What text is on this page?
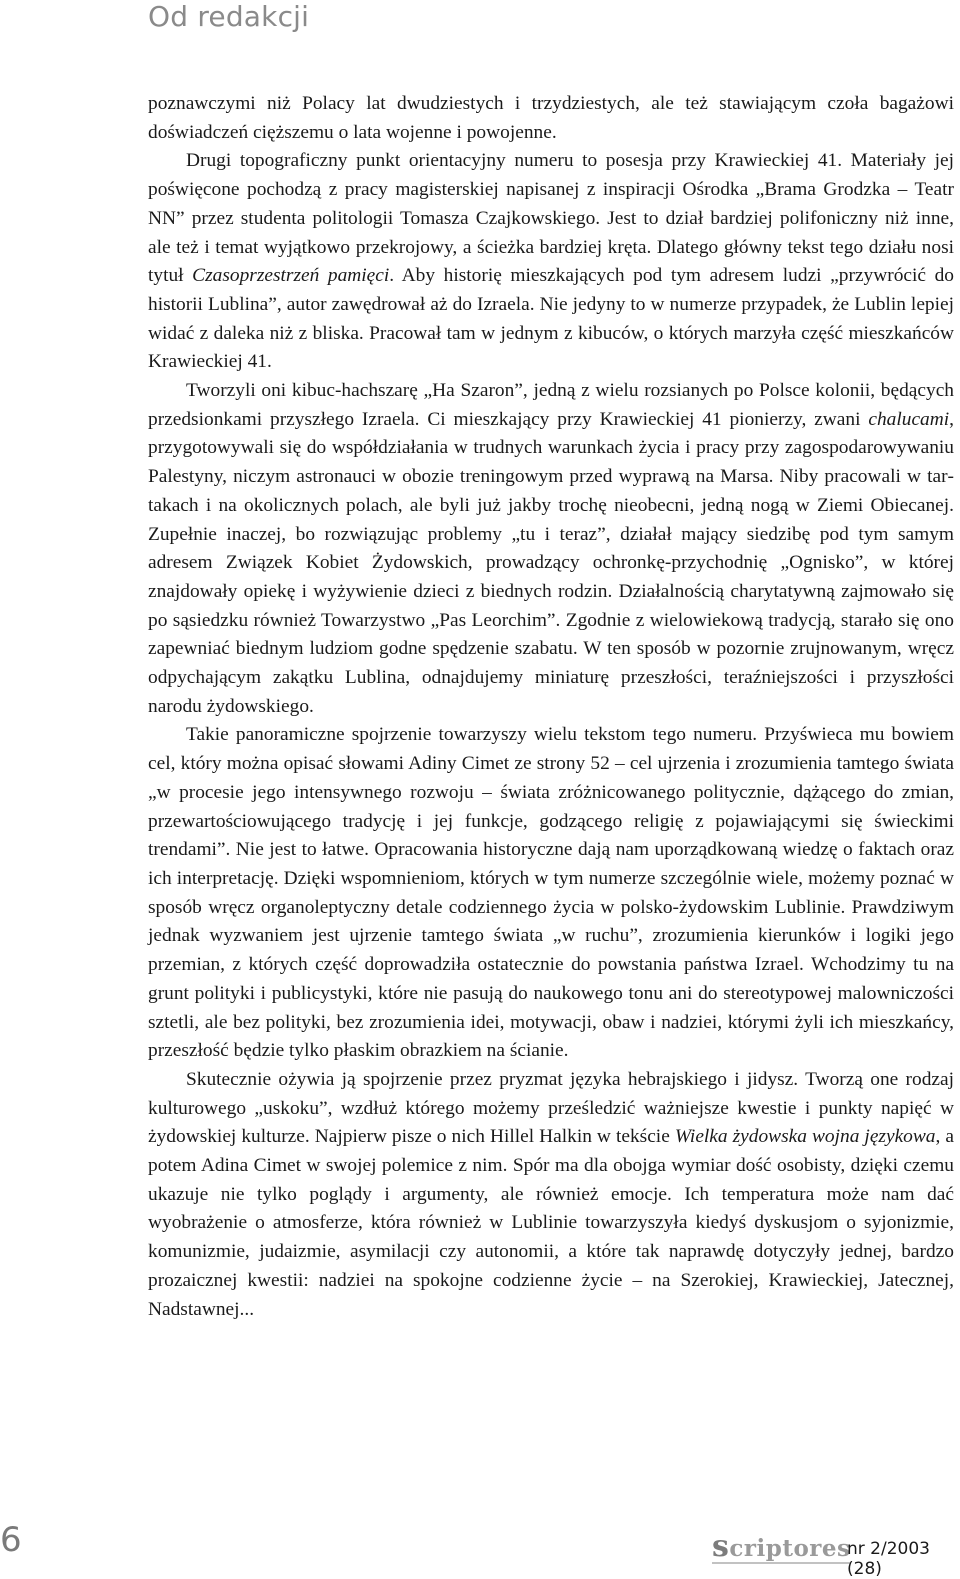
Od redakcji

poznawczymi niż Polacy lat dwudziestych i trzydziestych, ale też stawiającym czoła bagażowi doświadczeń cięższemu o lata wojenne i powojenne.

Drugi topograficzny punkt orientacyjny numeru to posesja przy Krawieckiej 41. Materiały jej poświęcone pochodzą z pracy magisterskiej napisanej z inspiracji Ośrodka „Brama Grodzka – Teatr NN” przez studenta politologii Tomasza Czajkowskiego. Jest to dział bardziej polifoniczny niż inne, ale też i temat wyjątkowo przekrojowy, a ścieżka bardziej kręta. Dlatego główny tekst tego działu nosi tytuł Czasoprzestrzeń pamięci. Aby historię mieszkających pod tym adresem ludzi „przywrócić do historii Lublina”, autor zawędrował aż do Izraela. Nie jedyny to w numerze przypadek, że Lublin lepiej widać z daleka niż z bliska. Pracował tam w jednym z kibuców, o których marzyła część mieszkańców Krawieckiej 41.

Tworzyli oni kibuc-hachszarę „Ha Szaron”, jedną z wielu rozsianych po Polsce kolonii, będących przedsionkami przyszłego Izraela. Ci mieszkający przy Krawieckiej 41 pionierzy, zwani chalucami, przygotowywali się do współdziałania w trudnych warunkach życia i pracy przy zagospodarowywaniu Palestyny, niczym astronauci w obozie treningowym przed wyprawą na Marsa. Niby pracowali w tartakach i na okolicznych polach, ale byli już jakby trochę nieobecni, jedną nogą w Ziemi Obiecanej. Zupełnie inaczej, bo rozwiązując problemy „tu i teraz”, działał mający siedzibę pod tym samym adresem Związek Kobiet Żydowskich, prowadzący ochronkę-przychodnię „Ognisko”, w której znajdowały opiekę i wyżywienie dzieci z biednych rodzin. Działalnością charytatywną zajmowało się po sąsiedzku również Towarzystwo „Pas Leorchim”. Zgodnie z wielowiekową tradycją, starało się ono zapewniać biednym ludziom godne spędzenie szabatu. W ten sposób w pozornie zrujnowanym, wręcz odpychającym zakątku Lublina, odnajdujemy miniaturę przeszłości, teraźniejszości i przyszłości narodu żydowskiego.

Takie panoramiczne spojrzenie towarzyszy wielu tekstom tego numeru. Przyświeca mu bowiem cel, który można opisać słowami Adiny Cimet ze strony 52 – cel ujrzenia i zrozumienia tamtego świata „w procesie jego intensywnego rozwoju – świata zróżnicowanego politycznie, dążącego do zmian, przewartościowującego tradycję i jej funkcje, godzącego religię z pojawiającymi się świeckimi trendami”. Nie jest to łatwe. Opracowania historyczne dają nam uporządkowaną wiedzę o faktach oraz ich interpretację. Dzięki wspomnieniom, których w tym numerze szczególnie wiele, możemy poznać w sposób wręcz organoleptyczny detale codziennego życia w polsko-żydowskim Lublinie. Prawdziwym jednak wyzwaniem jest ujrzenie tamtego świata „w ruchu”, zrozumienia kierunków i logiki jego przemian, z których część doprowadziła ostatecznie do powstania państwa Izrael. Wchodzimy tu na grunt polityki i publicystyki, które nie pasują do naukowego tonu ani do stereotypowej malowniczości sztetli, ale bez polityki, bez zrozumienia idei, motywacji, obaw i nadziei, którymi żyli ich mieszkańcy, przeszłość będzie tylko płaskim obrazkiem na ścianie.

Skutecznie ożywia ją spojrzenie przez pryzmat języka hebrajskiego i jidysz. Tworzą one rodzaj kulturowego „uskoku”, wzdłuż którego możemy prześledzić ważniejsze kwestie i punkty napięć w żydowskiej kulturze. Najpierw pisze o nich Hillel Halkin w tekście Wielka żydowska wojna językowa, a potem Adina Cimet w swojej polemice z nim. Spór ma dla obojga wymiar dość osobisty, dzięki czemu ukazuje nie tylko poglądy i argumenty, ale również emocje. Ich temperatura może nam dać wyobrażenie o atmosferze, która również w Lublinie towarzyszyła kiedyś dyskusjom o syjonizmie, komunizmie, judaizmie, asymilacji czy autonomii, a które tak naprawdę dotyczyły jednej, bardzo prozaicznej kwestii: nadziei na spokojne codzienne życie – na Szerokiej, Krawieckiej, Jatecznej, Nadstawnej...

6	scriptores
nr 2/2003 (28)
